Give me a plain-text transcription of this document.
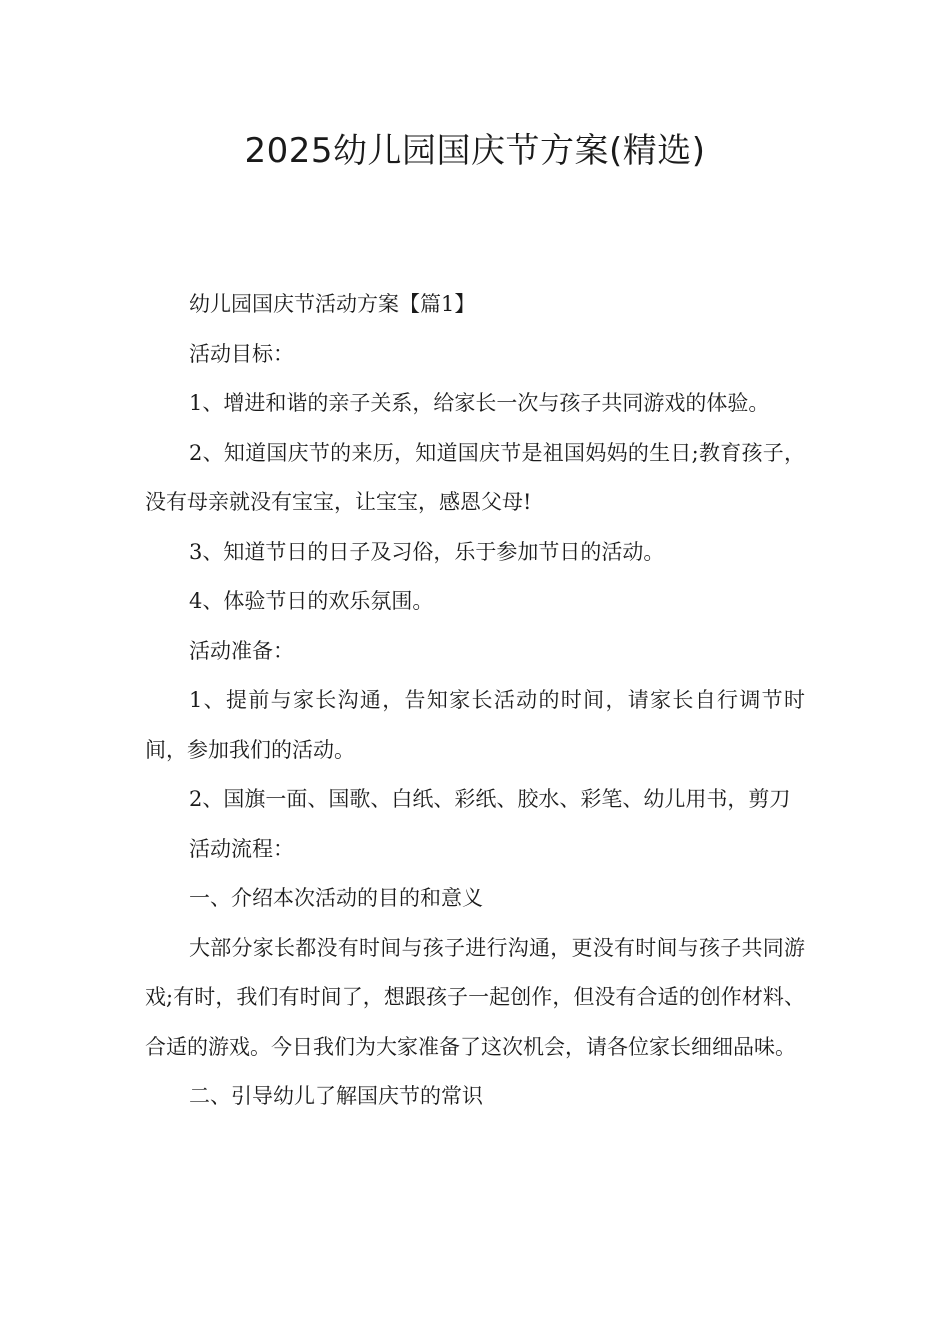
2025幼儿园国庆节方案(精选)

幼儿园国庆节活动方案【篇1】

活动目标：

1、增进和谐的亲子关系，给家长一次与孩子共同游戏的体验。

2、知道国庆节的来历，知道国庆节是祖国妈妈的生日;教育孩子，没有母亲就没有宝宝，让宝宝，感恩父母!

3、知道节日的日子及习俗，乐于参加节日的活动。

4、体验节日的欢乐氛围。

活动准备：

1、提前与家长沟通，告知家长活动的时间，请家长自行调节时间，参加我们的活动。

2、国旗一面、国歌、白纸、彩纸、胶水、彩笔、幼儿用书，剪刀

活动流程：

一、介绍本次活动的目的和意义

大部分家长都没有时间与孩子进行沟通，更没有时间与孩子共同游戏;有时，我们有时间了，想跟孩子一起创作，但没有合适的创作材料、合适的游戏。今日我们为大家准备了这次机会，请各位家长细细品味。

二、引导幼儿了解国庆节的常识
